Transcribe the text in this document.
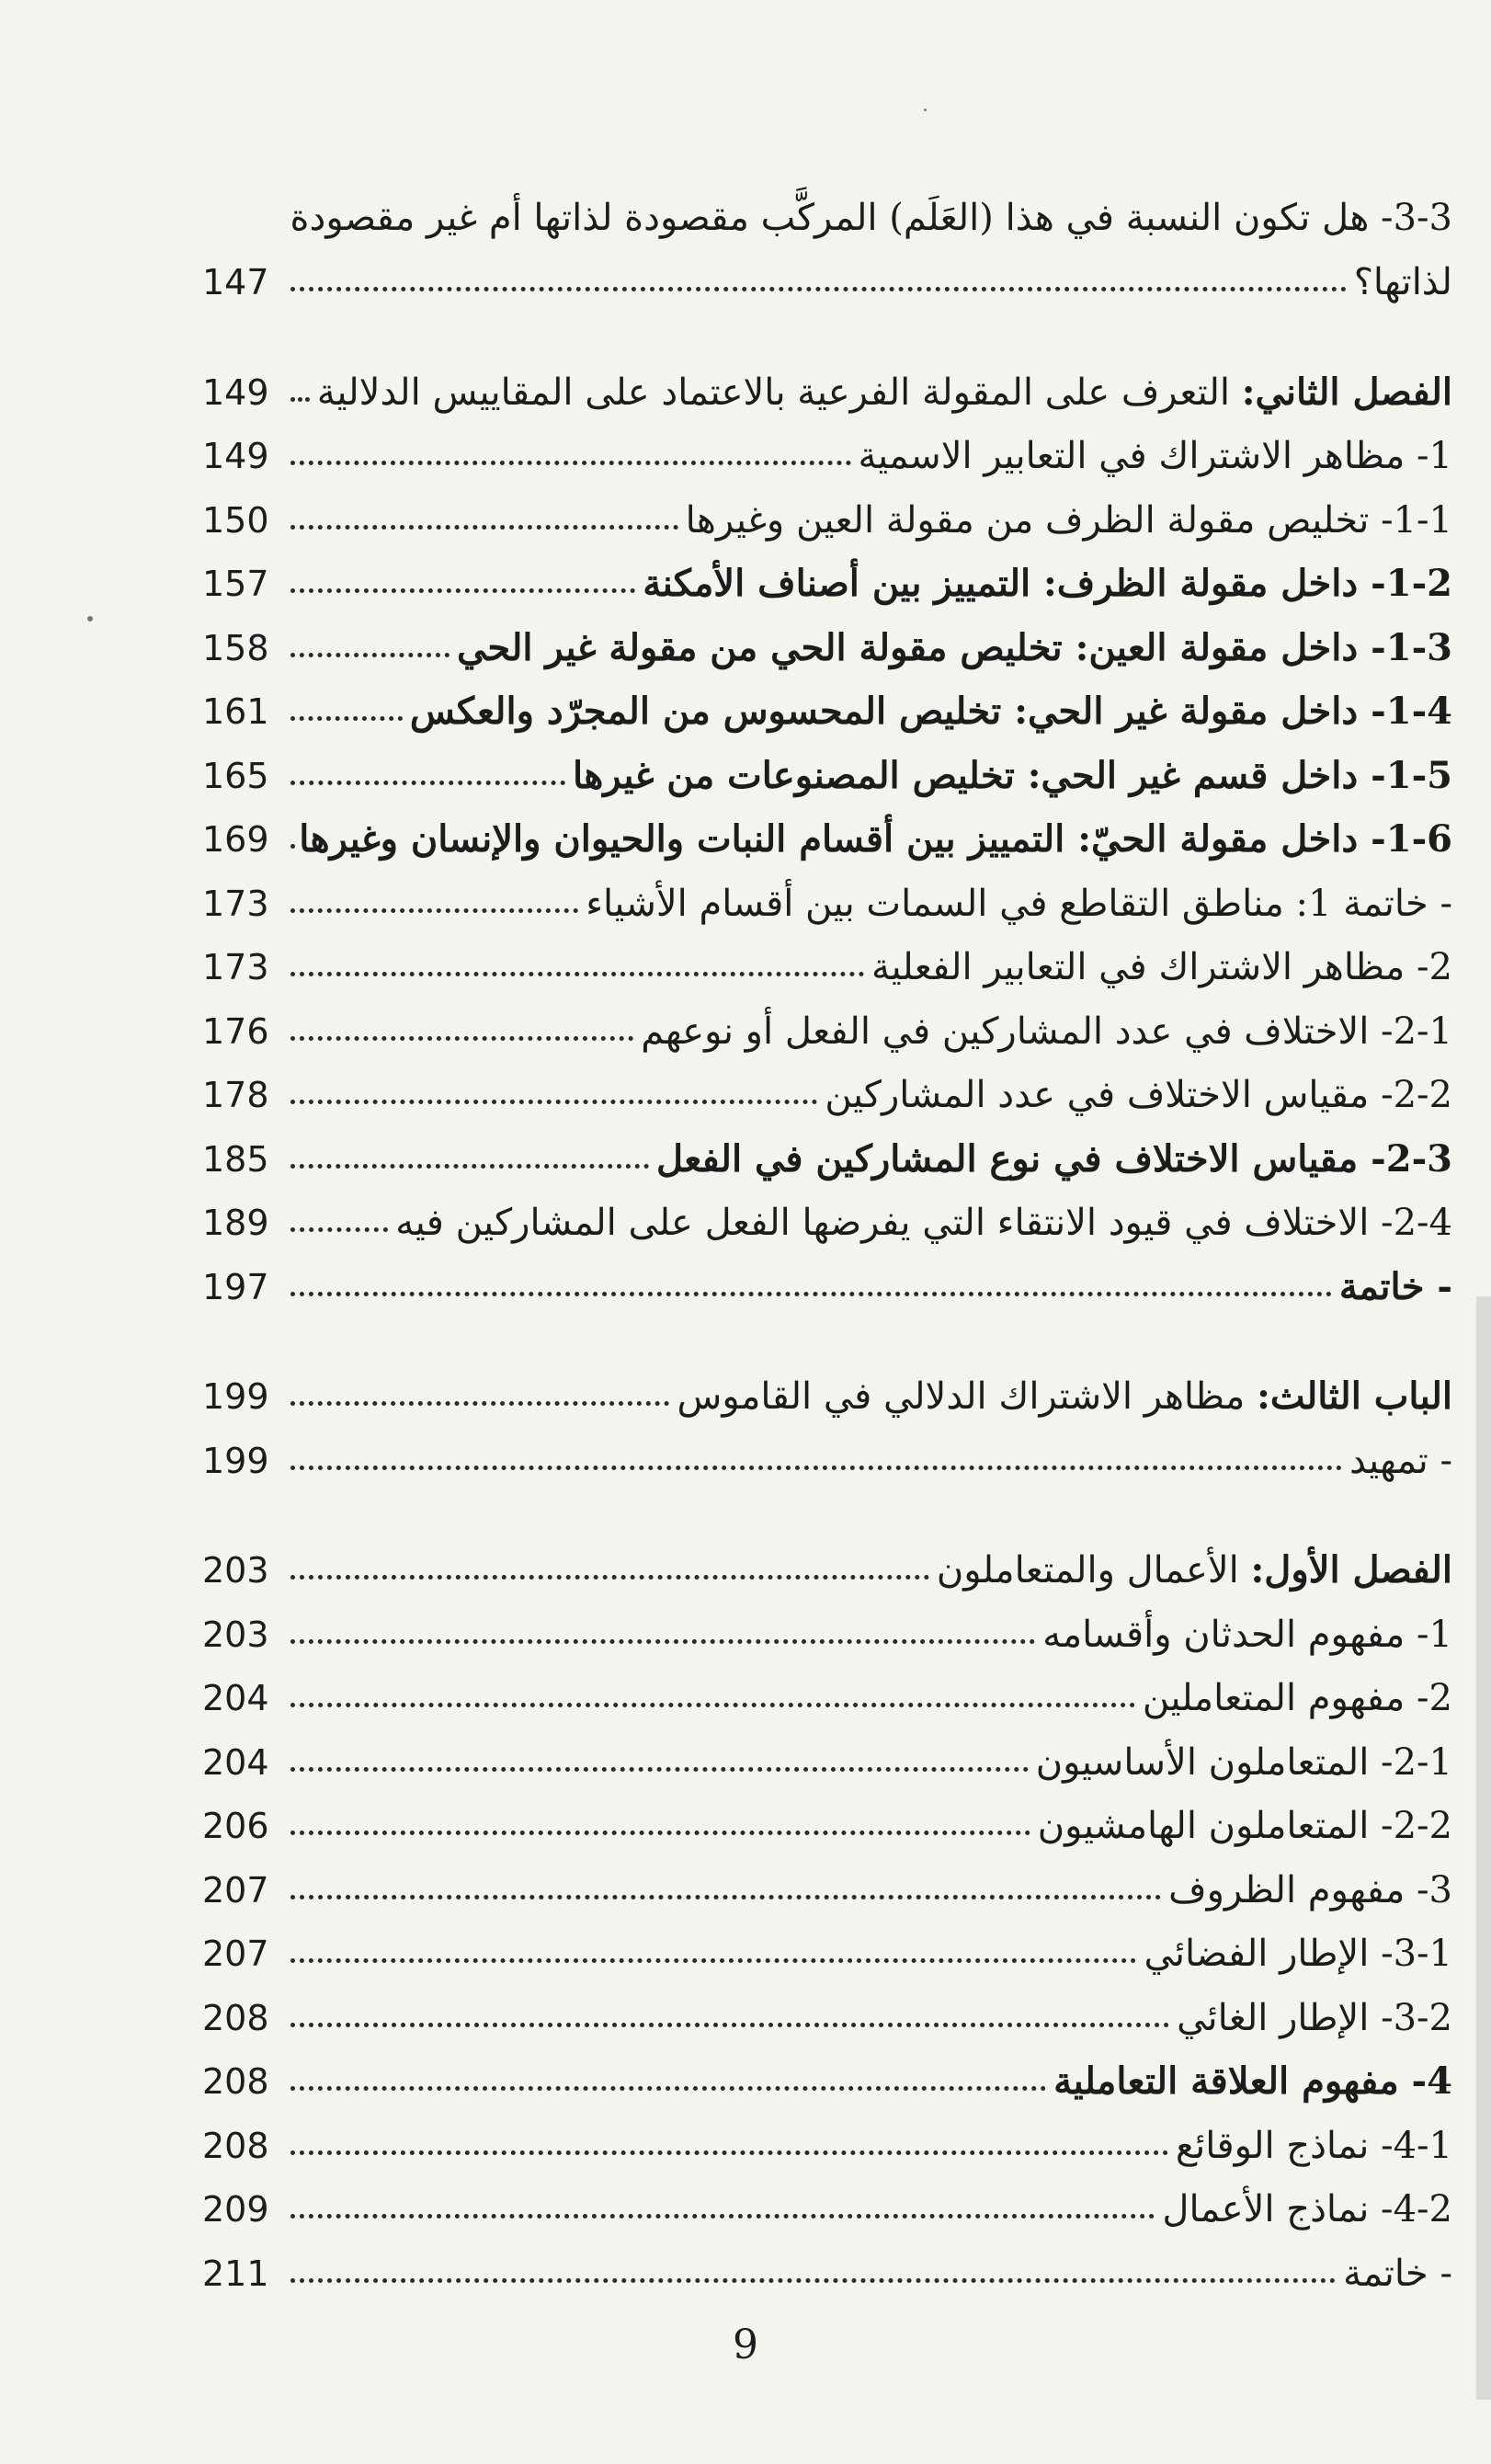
3-3- هل تكون النسبة في هذا (العَلَم) المركَّب مقصودة لذاتها أم غير مقصودة
147	لذاتها؟
149	الفصل الثاني: التعرف على المقولة الفرعية بالاعتماد على المقاييس الدلالية
149	1- مظاهر الاشتراك في التعابير الاسمية
150	1-1- تخليص مقولة الظرف من مقولة العين وغيرها
157	1-2- داخل مقولة الظرف: التمييز بين أصناف الأمكنة
158	1-3- داخل مقولة العين: تخليص مقولة الحي من مقولة غير الحي
161	1-4- داخل مقولة غير الحي: تخليص المحسوس من المجرّد والعكس
165	1-5- داخل قسم غير الحي: تخليص المصنوعات من غيرها
169 1-6- داخل مقولة الحيّ: التمييز بين أقسام النبات والحيوان والإنسان وغيرها
173	- خاتمة 1: مناطق التقاطع في السمات بين أقسام الأشياء
173	2- مظاهر الاشتراك في التعابير الفعلية
176	2-1- الاختلاف في عدد المشاركين في الفعل أو نوعهم
178	2-2- مقياس الاختلاف في عدد المشاركين
185	2-3- مقياس الاختلاف في نوع المشاركين في الفعل
189	2-4- الاختلاف في قيود الانتقاء التي يفرضها الفعل على المشاركين فيه
197	- خاتمة
199	الباب الثالث: مظاهر الاشتراك الدلالي في القاموس
199	- تمهيد
203	الفصل الأول: الأعمال والمتعاملون
203	1- مفهوم الحدثان وأقسامه
204	2- مفهوم المتعاملين
204	2-1- المتعاملون الأساسيون
206	2-2- المتعاملون الهامشيون
207	3- مفهوم الظروف
207	3-1- الإطار الفضائي
208	3-2- الإطار الغائي
208	4- مفهوم العلاقة التعاملية
208	4-1- نماذج الوقائع
209	4-2- نماذج الأعمال
211	- خاتمة
9
